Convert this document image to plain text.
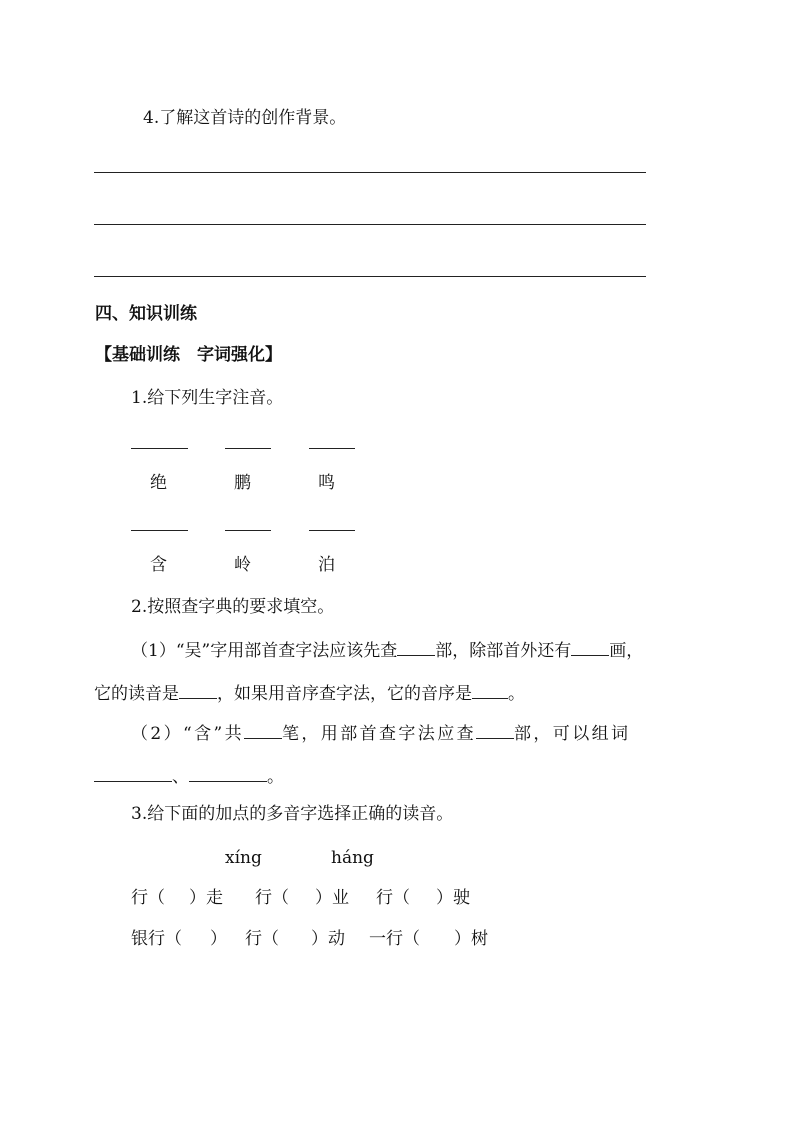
4.了解这首诗的创作背景。
四、知识训练
【基础训练　字词强化】
1.给下列生字注音。
绝	鹏	鸣
含	岭	泊
2.按照查字典的要求填空。
（1）“吴”字用部首查字法应该先查 部，除部首外还有 画，
它的读音是 ，如果用音序查字法，它的音序是 。
（2）“含”共 笔，用部首查字法应查 部，可以组词
、	。
3.给下面的加点的多音字选择正确的读音。
xíng	háng
行（ ）走 行（ ）业 行（ ）驶
银行（ ） 行（ ）动 一行（ ）树
